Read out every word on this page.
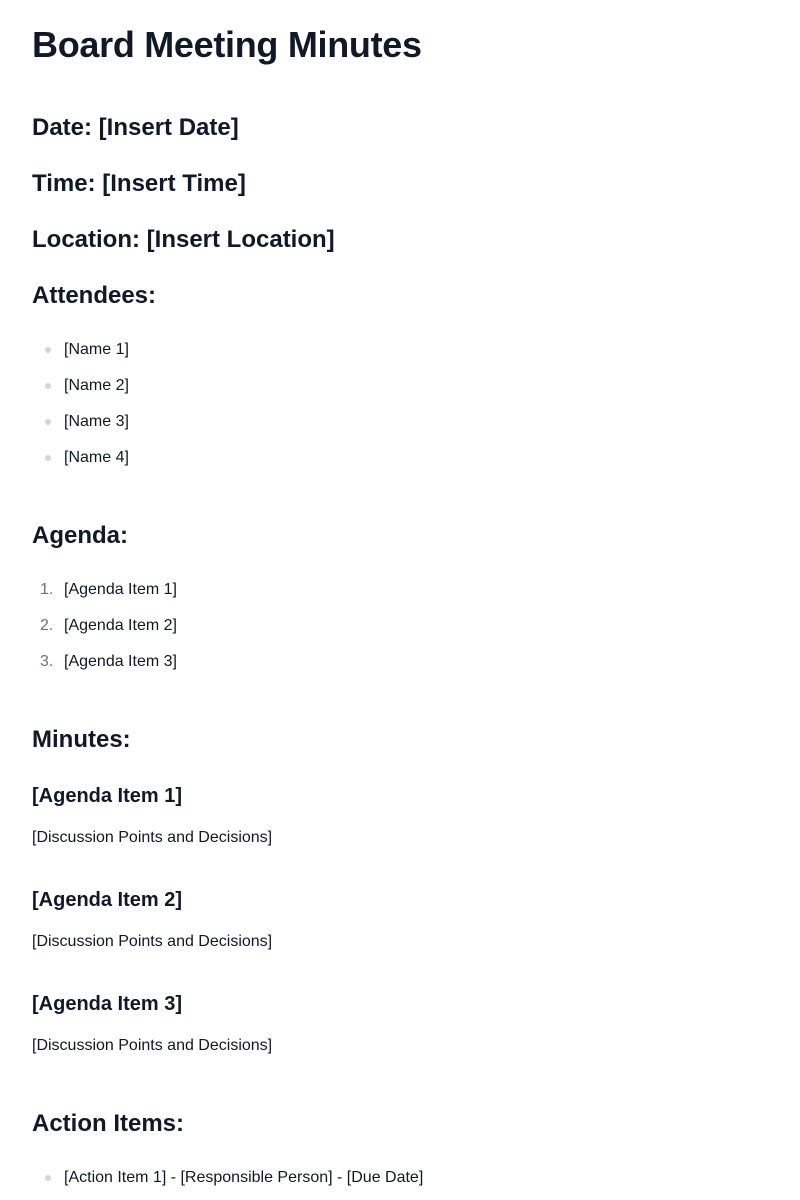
Board Meeting Minutes
Date: [Insert Date]
Time: [Insert Time]
Location: [Insert Location]
Attendees:
[Name 1]
[Name 2]
[Name 3]
[Name 4]
Agenda:
1. [Agenda Item 1]
2. [Agenda Item 2]
3. [Agenda Item 3]
Minutes:
[Agenda Item 1]
[Discussion Points and Decisions]
[Agenda Item 2]
[Discussion Points and Decisions]
[Agenda Item 3]
[Discussion Points and Decisions]
Action Items:
[Action Item 1] - [Responsible Person] - [Due Date]
